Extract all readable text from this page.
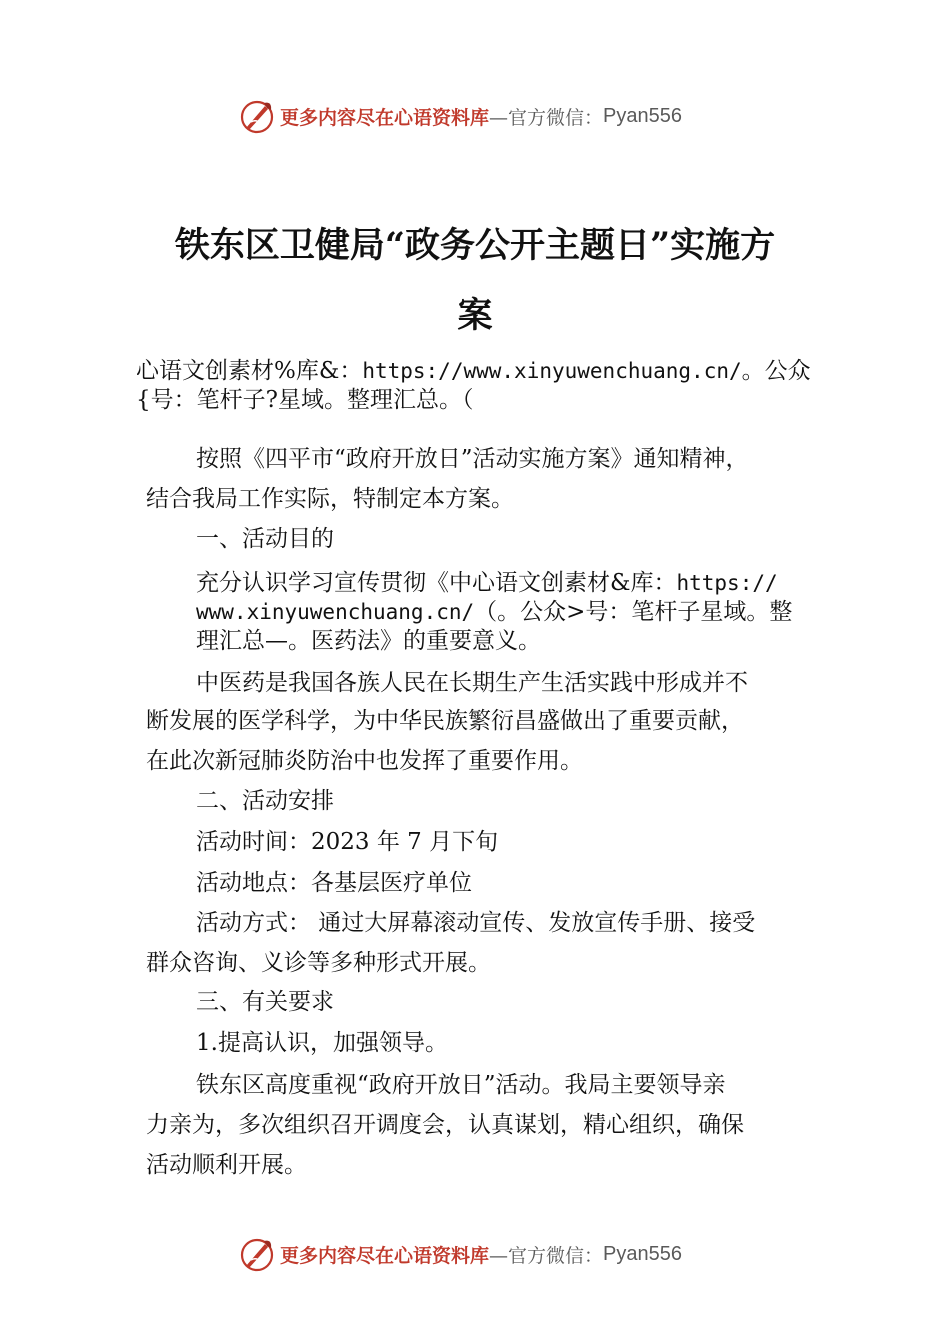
更多内容尽在心语资料库 —官方微信： Pyan556
铁东区卫健局“政务公开主题日”实施方
案
心语文创素材%库&：https://www.xinyuwenchuang.cn/。公众
{号：笔杆子?星域。整理汇总。（
按照《四平市“政府开放日”活动实施方案》通知精神，
结合我局工作实际，特制定本方案。
一、活动目的
充分认识学习宣传贯彻《中心语文创素材&库：https://
www.xinyuwenchuang.cn/（。公众>号：笔杆子星域。整
理汇总—。医药法》的重要意义。
中医药是我国各族人民在长期生产生活实践中形成并不
断发展的医学科学，为中华民族繁衍昌盛做出了重要贡献，
在此次新冠肺炎防治中也发挥了重要作用。
二、活动安排
活动时间：2023 年 7 月下旬
活动地点：各基层医疗单位
活动方式： 通过大屏幕滚动宣传、发放宣传手册、接受
群众咨询、义诊等多种形式开展。
三、有关要求
1.提高认识，加强领导。
铁东区高度重视“政府开放日”活动。我局主要领导亲
力亲为，多次组织召开调度会，认真谋划，精心组织，确保
活动顺利开展。
更多内容尽在心语资料库 —官方微信： Pyan556
